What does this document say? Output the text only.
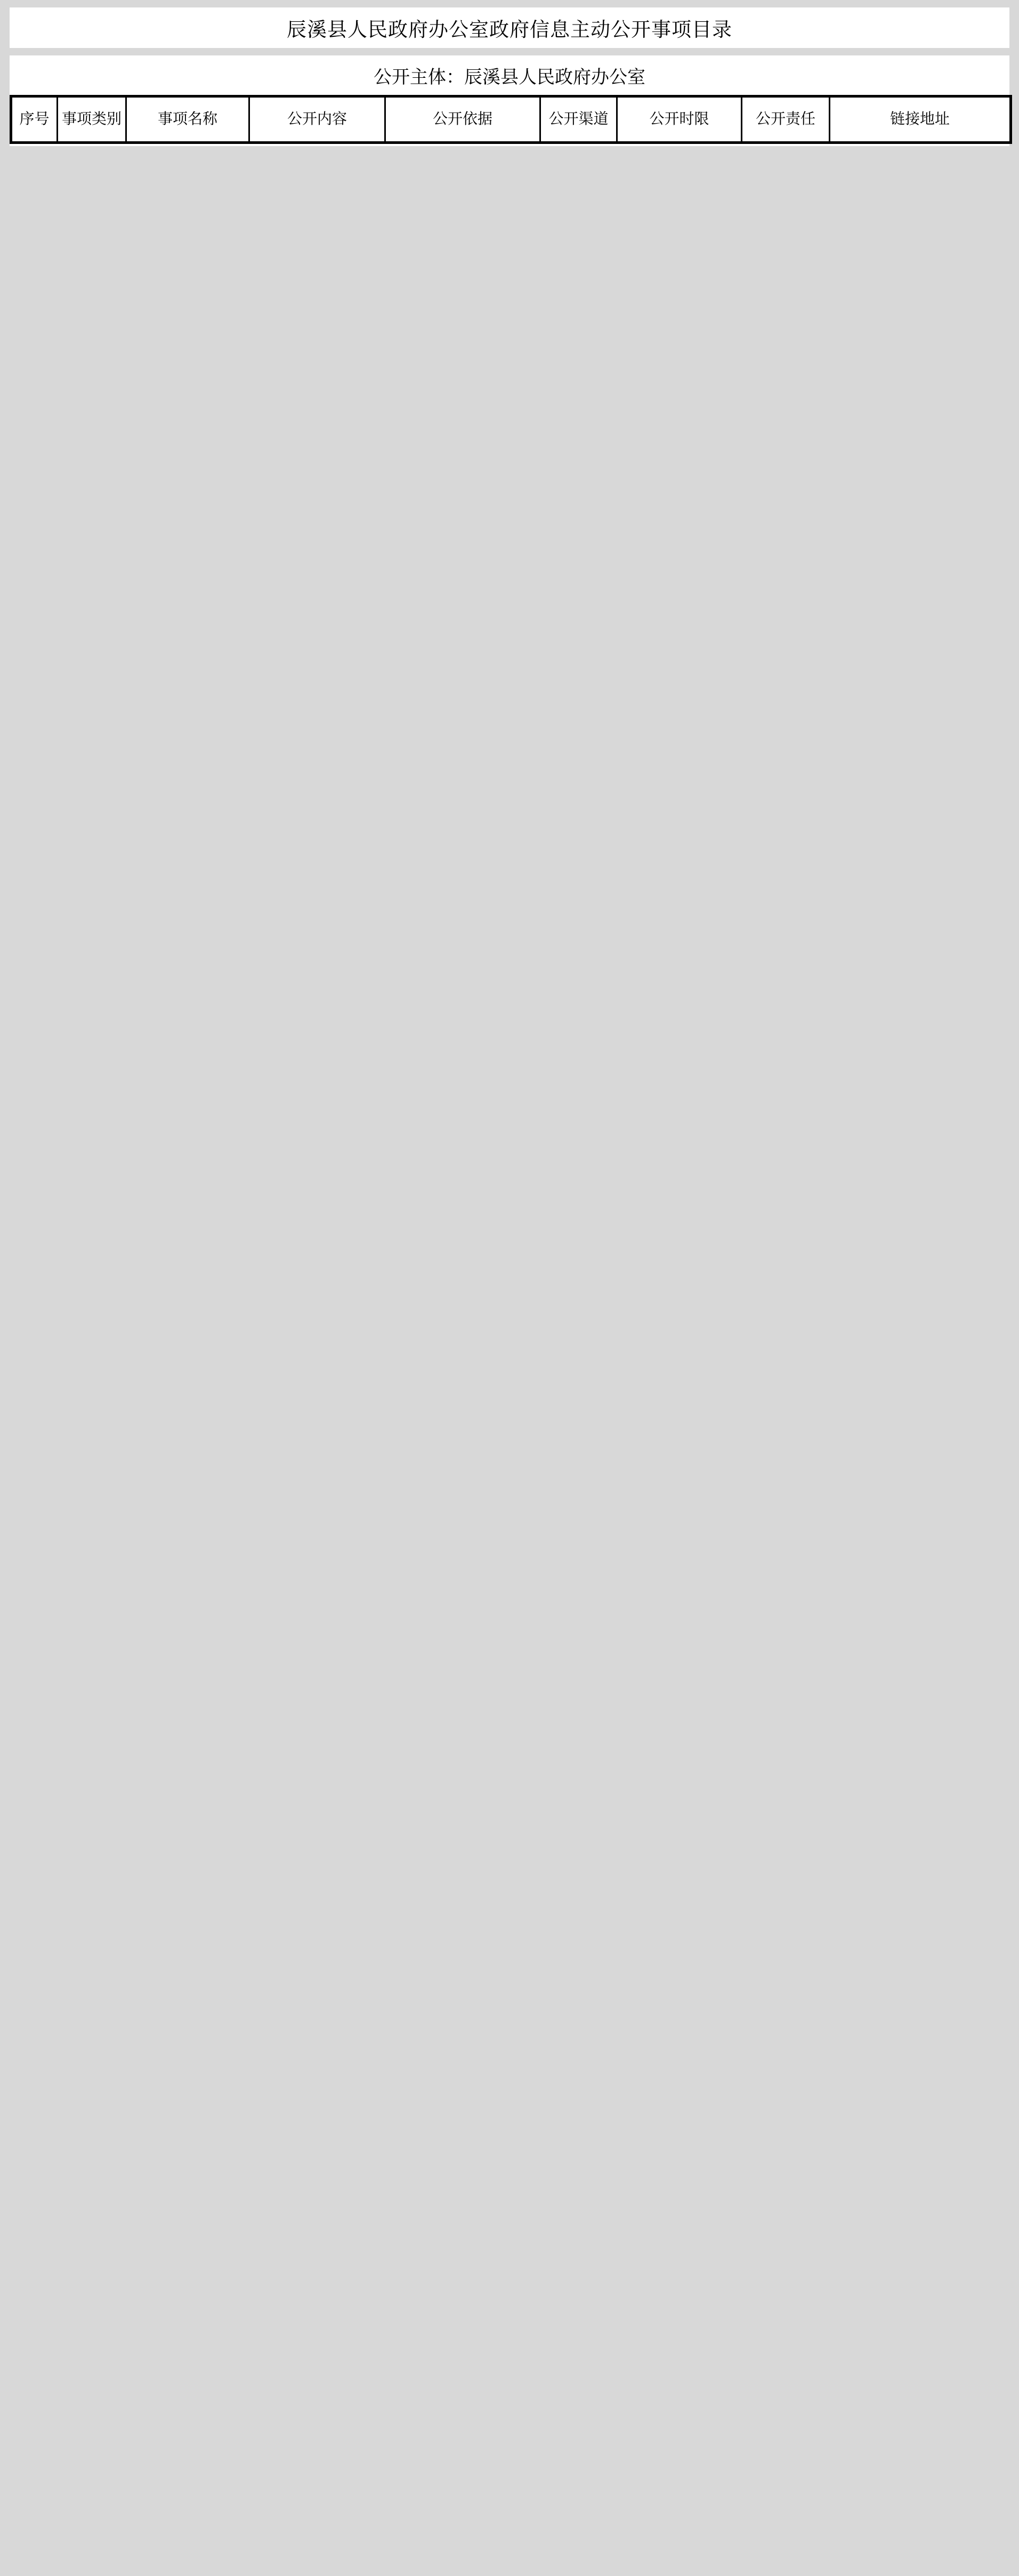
辰溪县人民政府办公室政府信息主动公开事项目录
公开主体：辰溪县人民政府办公室
序号	事项类别	事项名称	公开内容	公开依据	公开渠道	公开时限	公开责任	链接地址
